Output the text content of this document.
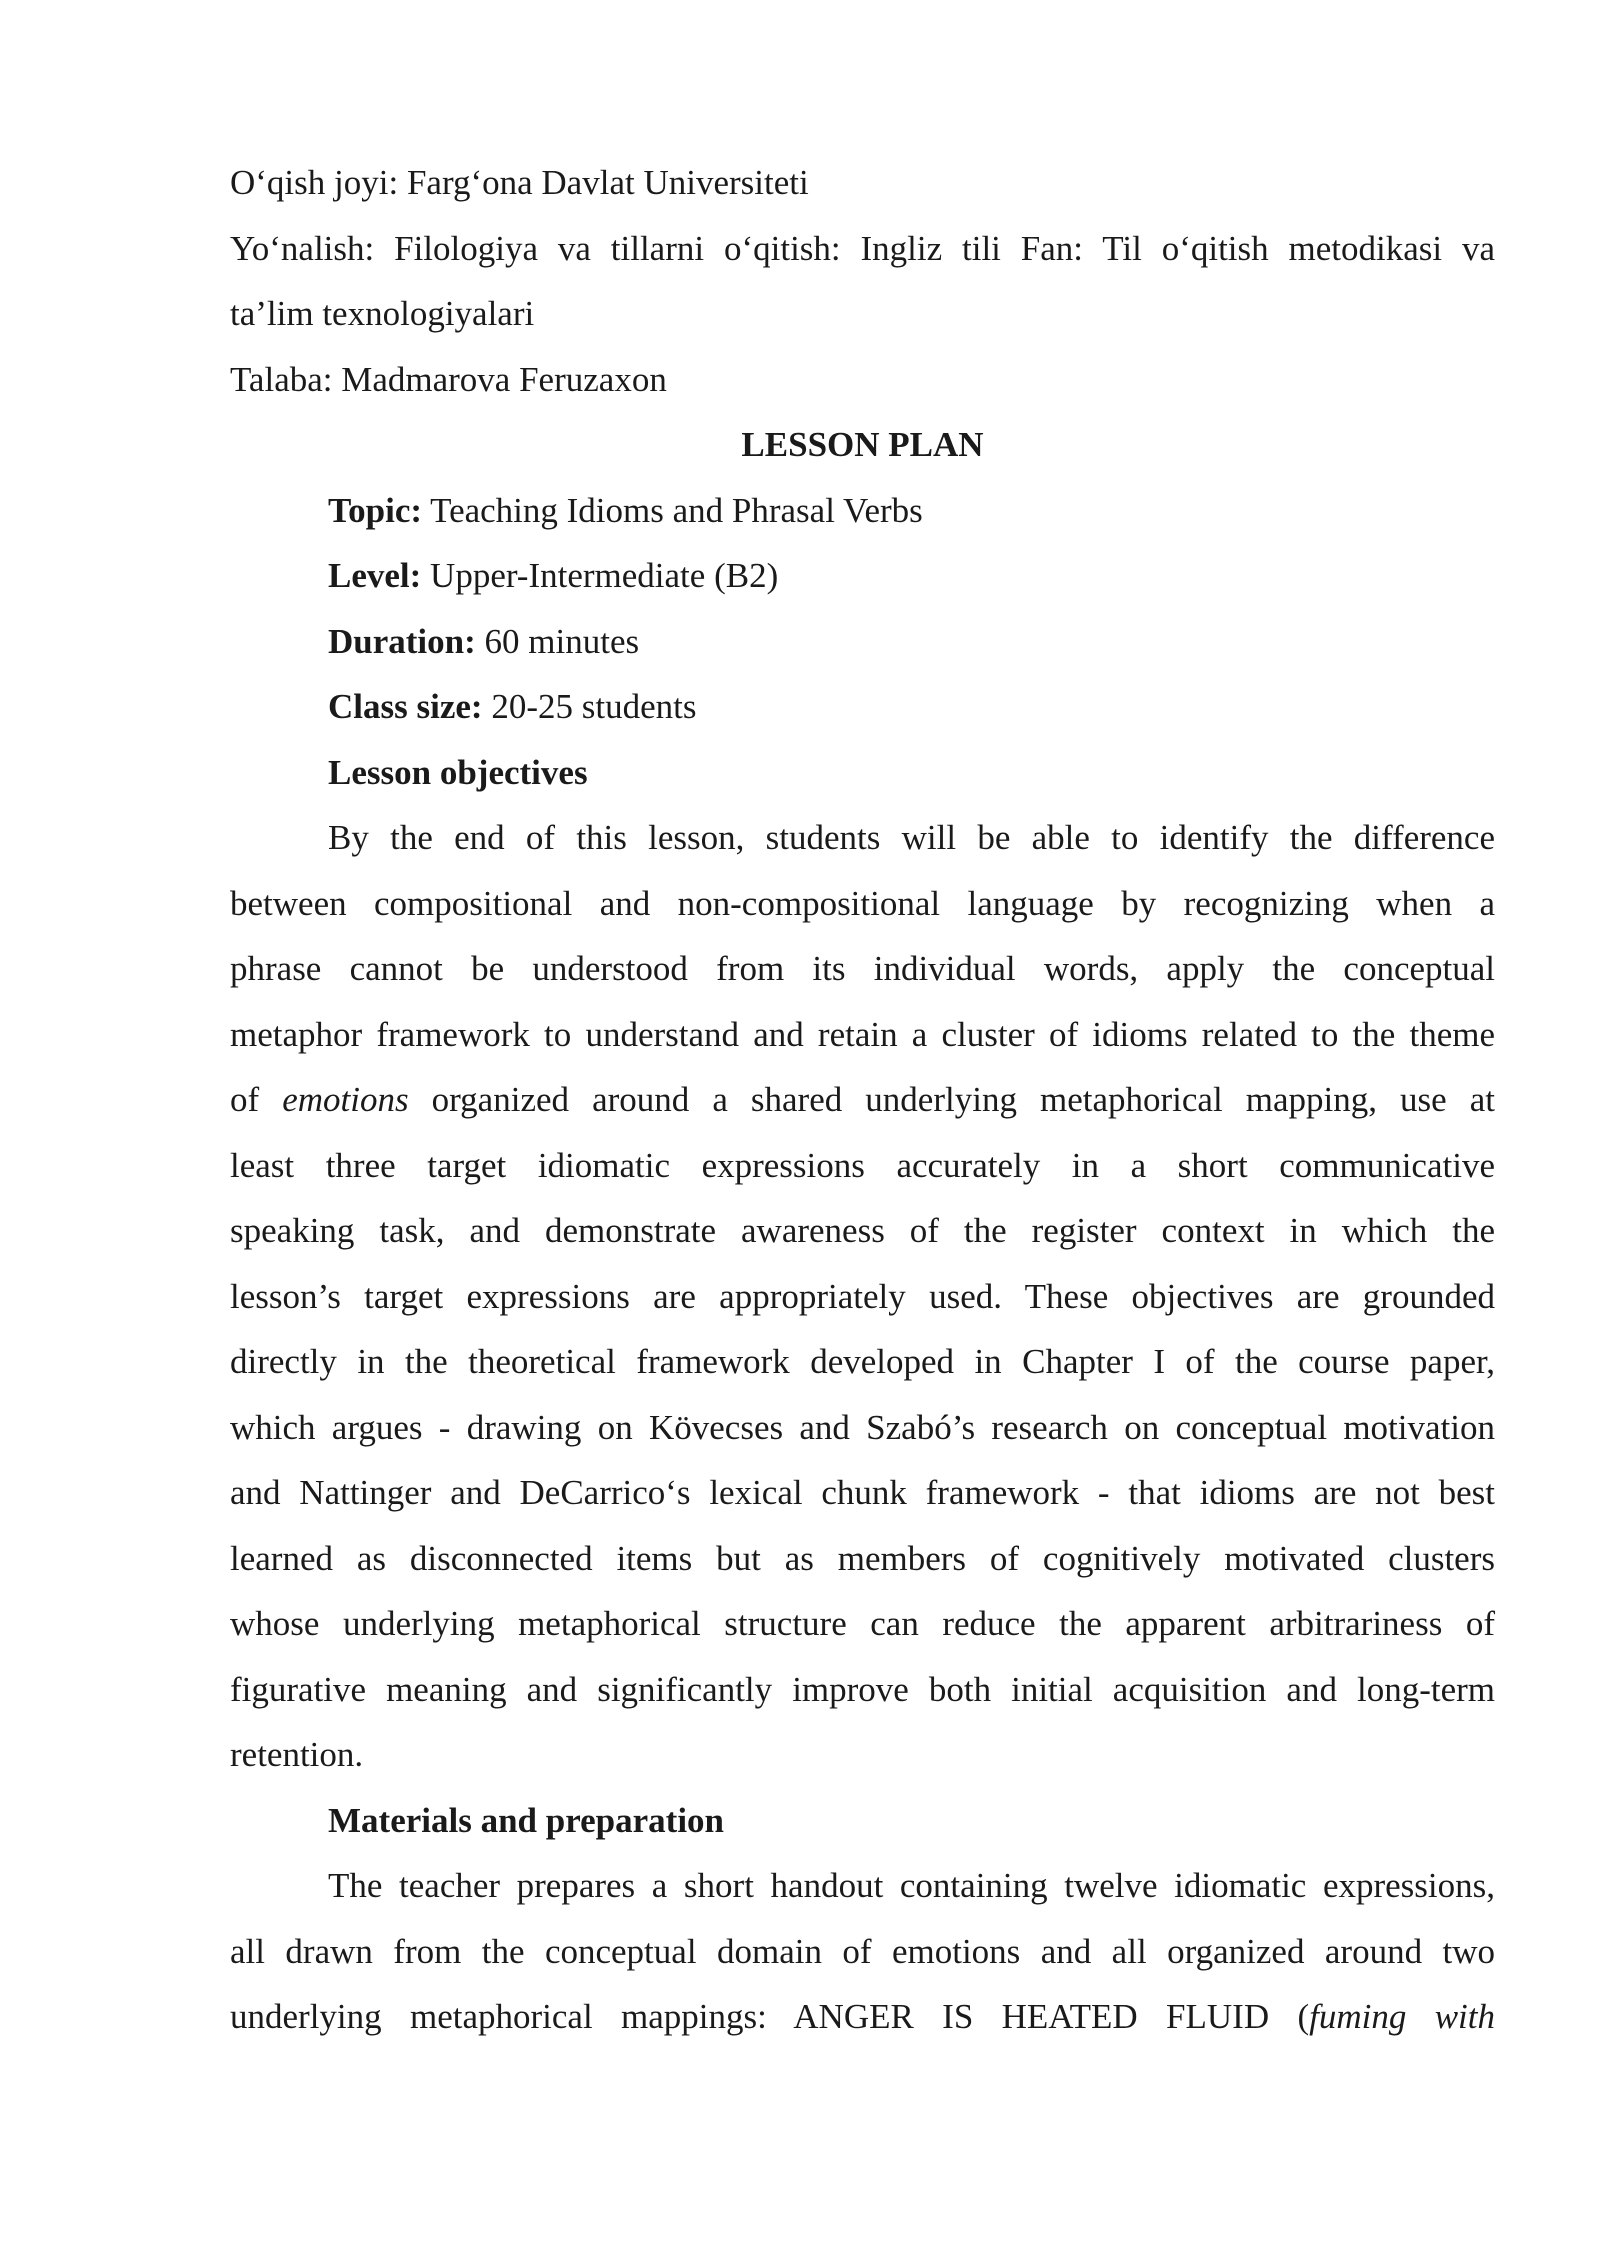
O‘qish joyi: Farg‘ona Davlat Universiteti

Yo‘nalish: Filologiya va tillarni o‘qitish: Ingliz tili Fan: Til o‘qitish metodikasi va

ta’lim texnologiyalari

Talaba: Madmarova Feruzaxon

LESSON PLAN

Topic: Teaching Idioms and Phrasal Verbs

Level: Upper-Intermediate (B2)

Duration: 60 minutes

Class size: 20-25 students

Lesson objectives

By the end of this lesson, students will be able to identify the difference

between compositional and non-compositional language by recognizing when a

phrase cannot be understood from its individual words, apply the conceptual

metaphor framework to understand and retain a cluster of idioms related to the theme

of emotions organized around a shared underlying metaphorical mapping, use at

least three target idiomatic expressions accurately in a short communicative

speaking task, and demonstrate awareness of the register context in which the

lesson’s target expressions are appropriately used. These objectives are grounded

directly in the theoretical framework developed in Chapter I of the course paper,

which argues - drawing on Kövecses and Szabó’s research on conceptual motivation

and Nattinger and DeCarrico‘s lexical chunk framework - that idioms are not best

learned as disconnected items but as members of cognitively motivated clusters

whose underlying metaphorical structure can reduce the apparent arbitrariness of

figurative meaning and significantly improve both initial acquisition and long-term

retention.

Materials and preparation

The teacher prepares a short handout containing twelve idiomatic expressions,

all drawn from the conceptual domain of emotions and all organized around two

underlying metaphorical mappings: ANGER IS HEATED FLUID (fuming with
